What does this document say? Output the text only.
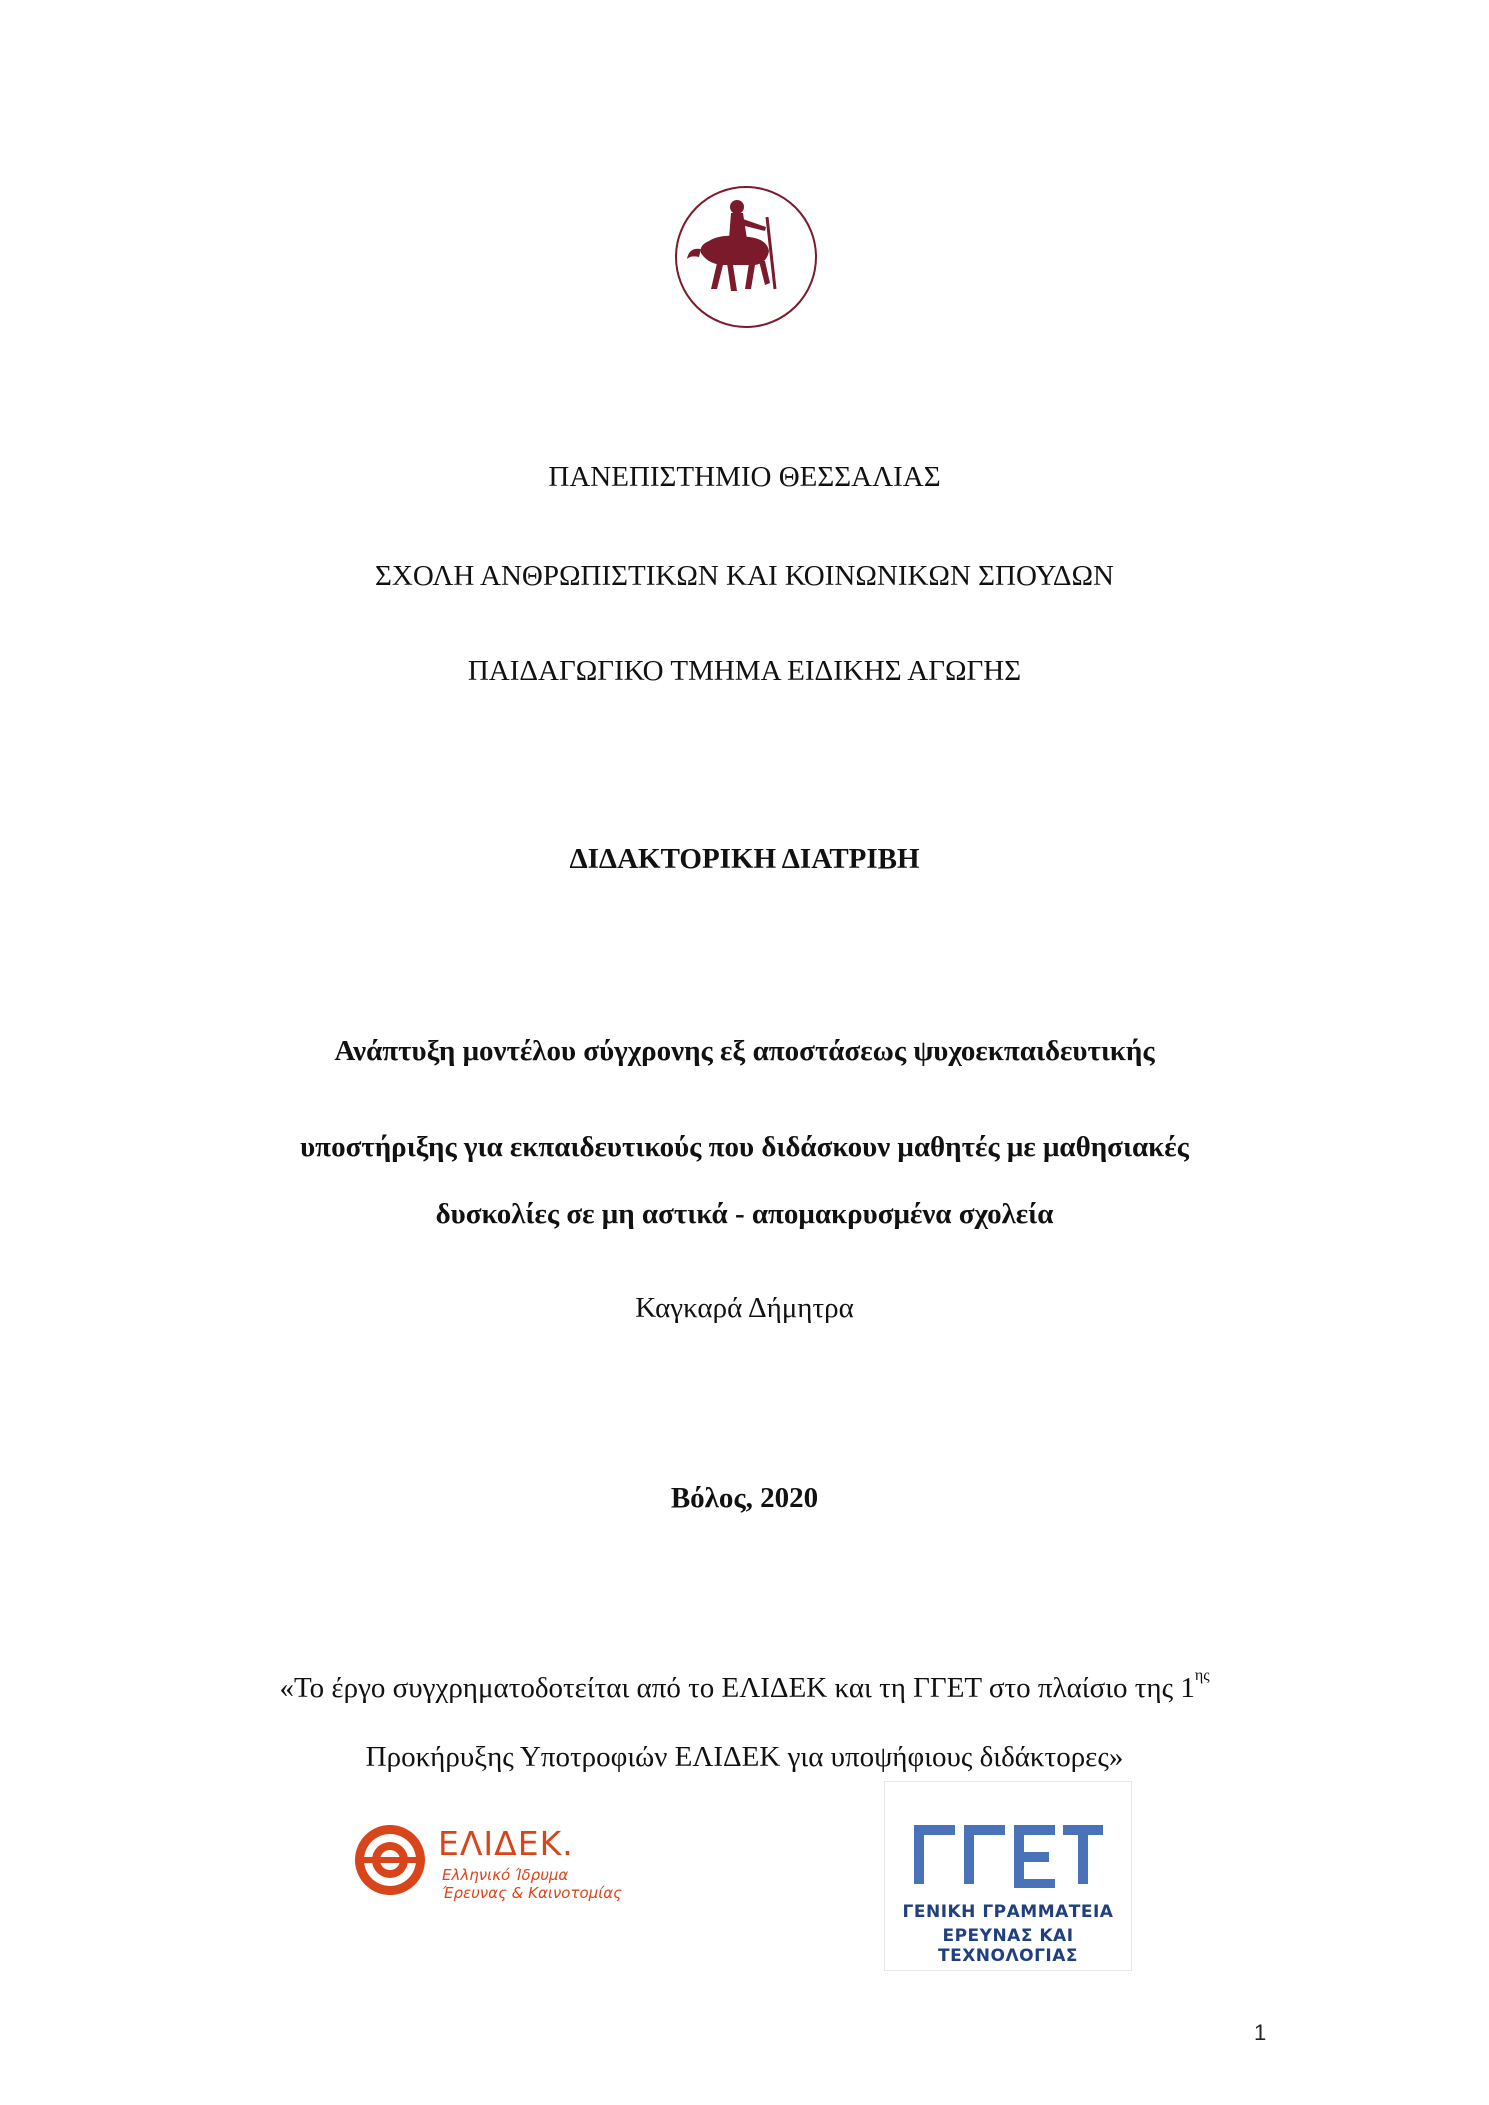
ΠΑΝΕΠΙΣΤΗΜΙΟ ΘΕΣΣΑΛΙΑΣ
ΣΧΟΛΗ ΑΝΘΡΩΠΙΣΤΙΚΩΝ ΚΑΙ ΚΟΙΝΩΝΙΚΩΝ ΣΠΟΥΔΩΝ
ΠΑΙΔΑΓΩΓΙΚΟ ΤΜΗΜΑ ΕΙΔΙΚΗΣ ΑΓΩΓΗΣ
ΔΙΔΑΚΤΟΡΙΚΗ ΔΙΑΤΡΙΒΗ
Ανάπτυξη μοντέλου σύγχρονης εξ αποστάσεως ψυχοεκπαιδευτικής
υποστήριξης για εκπαιδευτικούς που διδάσκουν μαθητές με μαθησιακές
δυσκολίες σε μη αστικά - απομακρυσμένα σχολεία
Καγκαρά Δήμητρα
Βόλος, 2020
«Το έργο συγχρηματοδοτείται από το ΕΛΙΔΕΚ και τη ΓΓΕΤ στο πλαίσιο της $1^{\eta\varsigma}$
Προκήρυξης Υποτροφιών ΕΛΙΔΕΚ για υποψήφιους διδάκτορες»
ΕΛΙΔΕΚ.
Ελληνικό Ίδρυμα
Έρευνας & Καινοτομίας
ΓΕΝΙΚΗ ΓΡΑΜΜΑΤΕΙΑ
ΕΡΕΥΝΑΣ ΚΑΙ ΤΕΧΝΟΛΟΓΙΑΣ
1
